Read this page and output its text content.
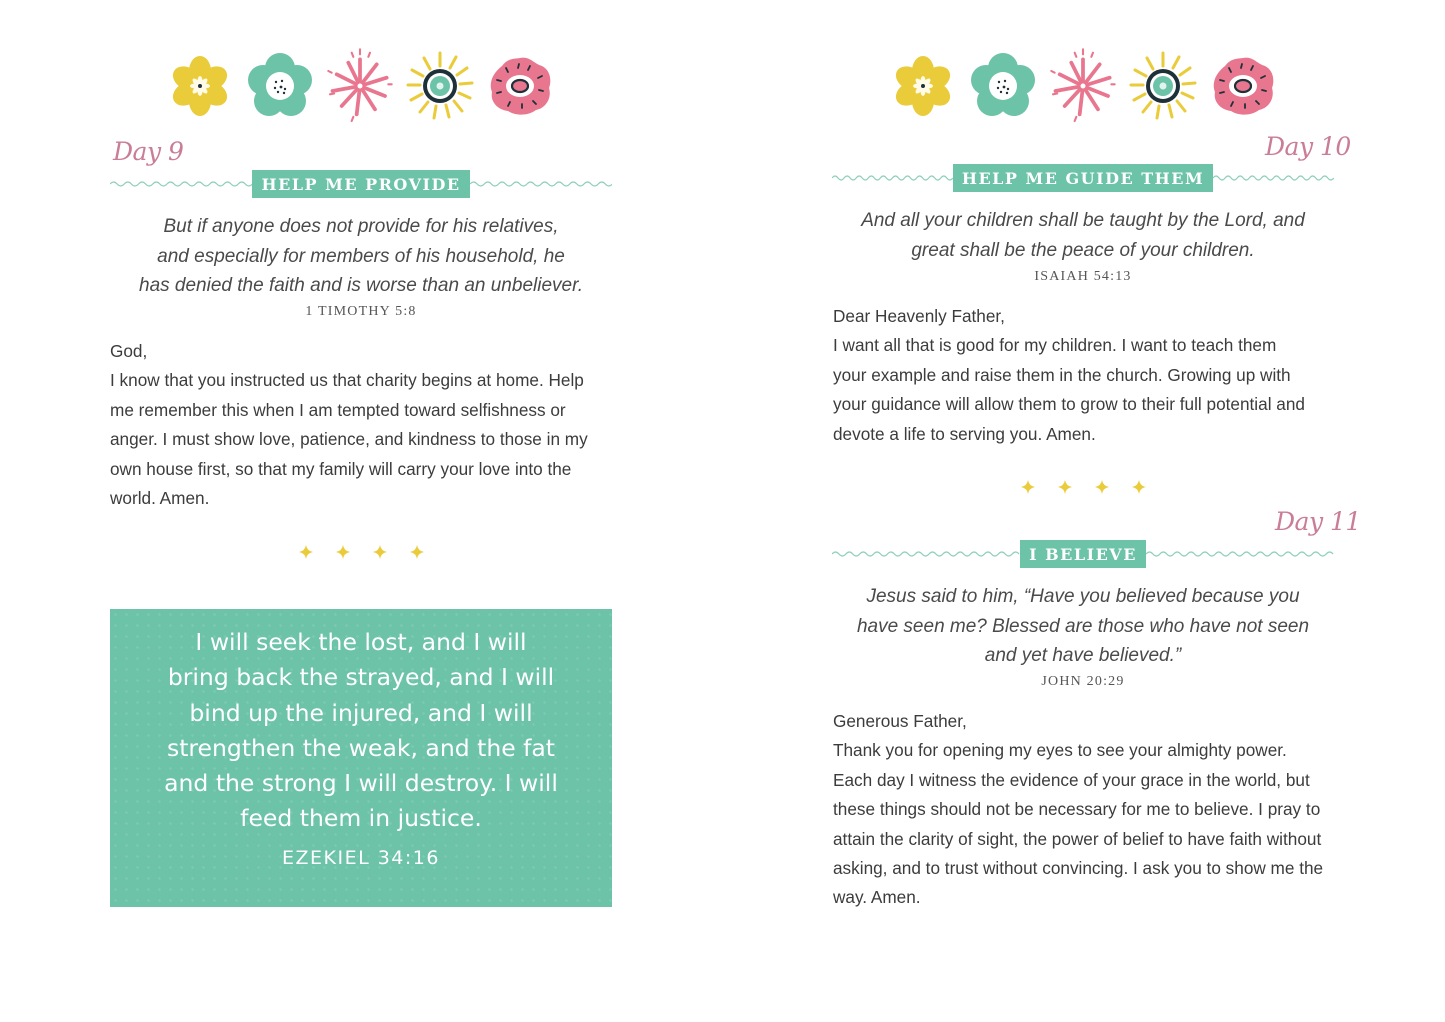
Day 9
HELP ME PROVIDE
But if anyone does not provide for his relatives,
and especially for members of his household, he
has denied the faith and is worse than an unbeliever.
1 TIMOTHY 5:8
God,
I know that you instructed us that charity begins at home. Help
me remember this when I am tempted toward selfishness or
anger. I must show love, patience, and kindness to those in my
own house first, so that my family will carry your love into the
world. Amen.
I will seek the lost, and I will
bring back the strayed, and I will
bind up the injured, and I will
strengthen the weak, and the fat
and the strong I will destroy. I will
feed them in justice.
EZEKIEL 34:16
Day 10
HELP ME GUIDE THEM
And all your children shall be taught by the Lord, and
great shall be the peace of your children.
ISAIAH 54:13
Dear Heavenly Father,
I want all that is good for my children. I want to teach them
your example and raise them in the church. Growing up with
your guidance will allow them to grow to their full potential and
devote a life to serving you. Amen.
Day 11
I BELIEVE
Jesus said to him, “Have you believed because you
have seen me? Blessed are those who have not seen
and yet have believed.”
JOHN 20:29
Generous Father,
Thank you for opening my eyes to see your almighty power.
Each day I witness the evidence of your grace in the world, but
these things should not be necessary for me to believe. I pray to
attain the clarity of sight, the power of belief to have faith without
asking, and to trust without convincing. I ask you to show me the
way. Amen.
